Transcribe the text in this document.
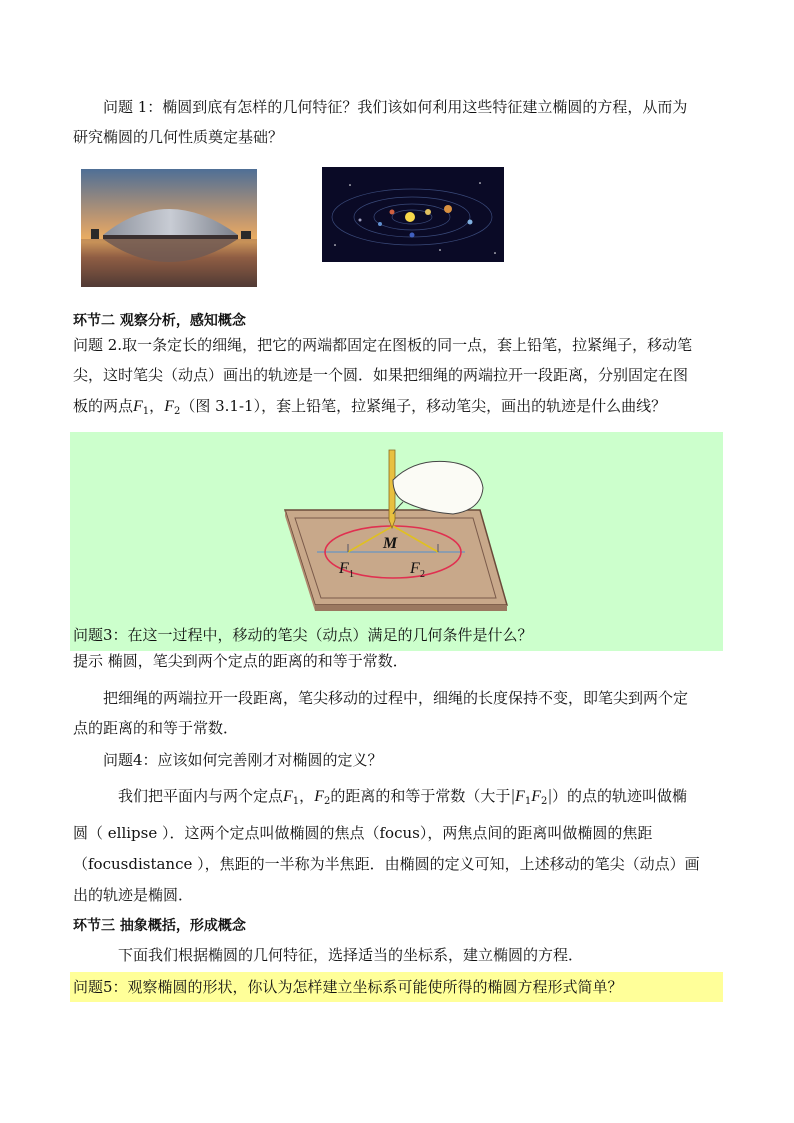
问题 1：椭圆到底有怎样的几何特征？我们该如何利用这些特征建立椭圆的方程，从而为
研究椭圆的几何性质奠定基础？
环节二 观察分析，感知概念
问题 2.取一条定长的细绳，把它的两端都固定在图板的同一点，套上铅笔，拉紧绳子，移动笔
尖，这时笔尖（动点）画出的轨迹是一个圆．如果把细绳的两端拉开一段距离，分别固定在图
板的两点$F_1$，$F_2$（图 3.1-1），套上铅笔，拉紧绳子，移动笔尖，画出的轨迹是什么曲线？
M
F 1	F 2
问题3：在这一过程中，移动的笔尖（动点）满足的几何条件是什么？
提示 椭圆，笔尖到两个定点的距离的和等于常数．
把细绳的两端拉开一段距离，笔尖移动的过程中，细绳的长度保持不变，即笔尖到两个定
点的距离的和等于常数．
问题4：应该如何完善刚才对椭圆的定义？
我们把平面内与两个定点$F_1$，$F_2$的距离的和等于常数（大于$|F_1F_2|$）的点的轨迹叫做椭
圆（ ellipse ）．这两个定点叫做椭圆的焦点（focus），两焦点间的距离叫做椭圆的焦距
（focusdistance ），焦距的一半称为半焦距．由椭圆的定义可知，上述移动的笔尖（动点）画
出的轨迹是椭圆．
环节三 抽象概括，形成概念
下面我们根据椭圆的几何特征，选择适当的坐标系，建立椭圆的方程．
问题5：观察椭圆的形状，你认为怎样建立坐标系可能使所得的椭圆方程形式简单？
